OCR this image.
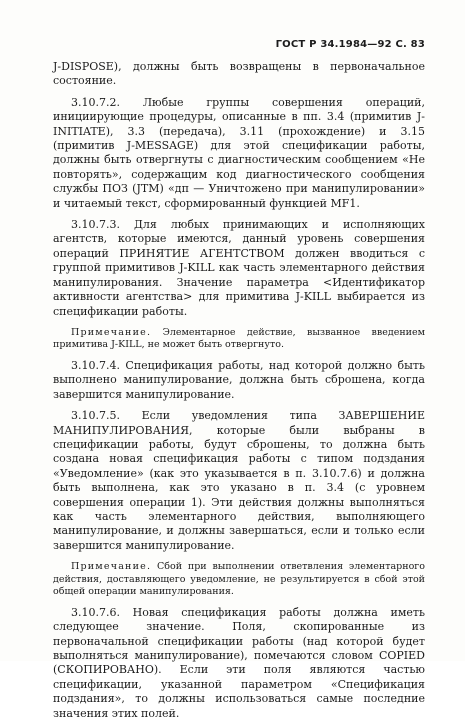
ГОСТ Р 34.1984—92 С. 83

J-DISPOSE), должны быть возвращены в первоначальное состояние.

3.10.7.2. Любые группы совершения операций, инициирующие процедуры, описанные в пп. 3.4 (примитив J-INITIATE), 3.3 (передача), 3.11 (прохождение) и 3.15 (примитив J-MESSAGE) для этой спецификации работы, должны быть отвергнуты с диагностическим сообщением «Не повторять», содержащим код диагностического сообщения службы ПОЗ (JTM) «дп — Уничтожено при манипулировании» и читаемый текст, сформированный функцией MF1.

3.10.7.3. Для любых принимающих и исполняющих агентств, которые имеются, данный уровень совершения операций ПРИНЯТИЕ АГЕНТСТВОМ должен вводиться с группой примитивов J-KILL как часть элементарного действия манипулирования. Значение параметра <Идентификатор активности агентства> для примитива J-KILL выбирается из спецификации работы.

Примечание. Элементарное действие, вызванное введением примитива J-KILL, не может быть отвергнуто.

3.10.7.4. Спецификация работы, над которой должно быть выполнено манипулирование, должна быть сброшена, когда завершится манипулирование.

3.10.7.5. Если уведомления типа ЗАВЕРШЕНИЕ МАНИПУЛИРОВАНИЯ, которые были выбраны в спецификации работы, будут сброшены, то должна быть создана новая спецификация работы с типом подздания «Уведомление» (как это указывается в п. 3.10.7.6) и должна быть выполнена, как это указано в п. 3.4 (с уровнем совершения операции 1). Эти действия должны выполняться как часть элементарного действия, выполняющего манипулирование, и должны завершаться, если и только если завершится манипулирование.

Примечание. Сбой при выполнении ответвления элементарного действия, доставляющего уведомление, не результируется в сбой этой общей операции манипулирования.

3.10.7.6. Новая спецификация работы должна иметь следующее значение. Поля, скопированные из первоначальной спецификации работы (над которой будет выполняться манипулирование), помечаются словом COPIED (СКОПИРОВАНО). Если эти поля являются частью спецификации, указанной параметром «Спецификация подздания», то должны использоваться самые последние значения этих полей.
